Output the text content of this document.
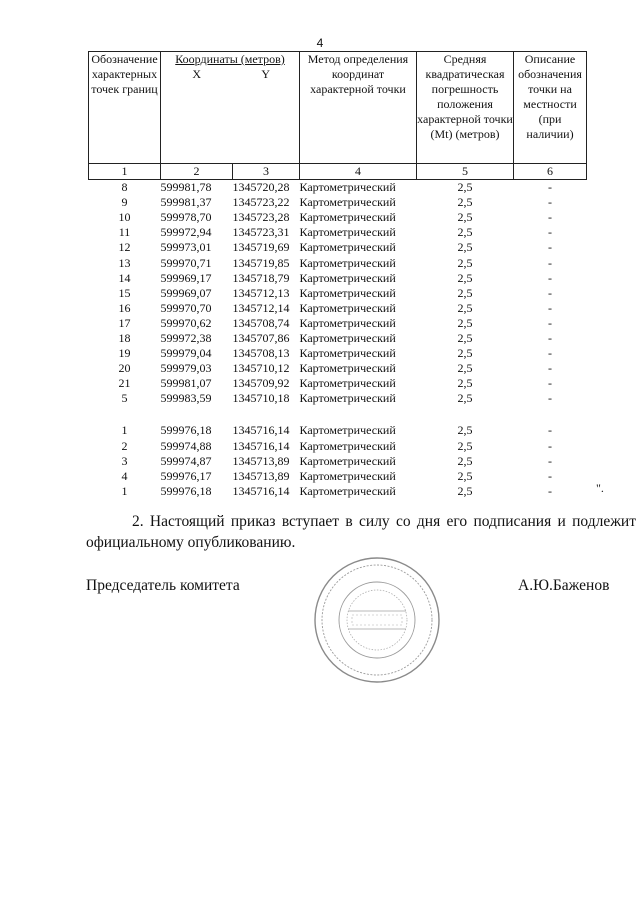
4
Обозначение характерных точек границ	Координаты (метров)		Метод определения координат характерной точки	Средняя квадратическая погрешность положения характерной точки (Mt) (метров)	Описание обозначения точки на местности (при наличии)
	X	Y			
1	2	3	4	5	6
8	599981,78	1345720,28	Картометрический	2,5	-
9	599981,37	1345723,22	Картометрический	2,5	-
10	599978,70	1345723,28	Картометрический	2,5	-
11	599972,94	1345723,31	Картометрический	2,5	-
12	599973,01	1345719,69	Картометрический	2,5	-
13	599970,71	1345719,85	Картометрический	2,5	-
14	599969,17	1345718,79	Картометрический	2,5	-
15	599969,07	1345712,13	Картометрический	2,5	-
16	599970,70	1345712,14	Картометрический	2,5	-
17	599970,62	1345708,74	Картометрический	2,5	-
18	599972,38	1345707,86	Картометрический	2,5	-
19	599979,04	1345708,13	Картометрический	2,5	-
20	599979,03	1345710,12	Картометрический	2,5	-
21	599981,07	1345709,92	Картометрический	2,5	-
5	599983,59	1345710,18	Картометрический	2,5	-

1	599976,18	1345716,14	Картометрический	2,5	-
2	599974,88	1345716,14	Картометрический	2,5	-
3	599974,87	1345713,89	Картометрический	2,5	-
4	599976,17	1345713,89	Картометрический	2,5	-
1	599976,18	1345716,14	Картометрический	2,5	-	".
2. Настоящий приказ вступает в силу со дня его подписания и подлежит официальному опубликованию.
Председатель комитета	А.Ю.Баженов
